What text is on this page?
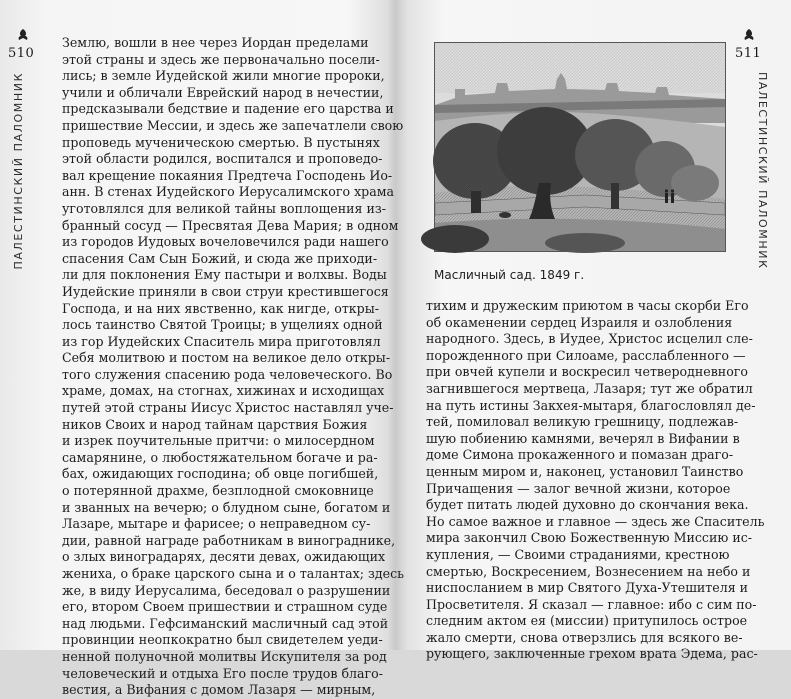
510
ПАЛЕСТИНСКИЙ ПАЛОМНИК
Землю, вошли в нее через Иордан пределами
этой страны и здесь же первоначально посели-
лись; в земле Иудейской жили многие пророки,
учили и обличали Еврейский народ в нечестии,
предсказывали бедствие и падение его царства и
пришествие Мессии, и здесь же запечатлели свою
проповедь мученическою смертью. В пустынях
этой области родился, воспитался и проповедо-
вал крещение покаяния Предтеча Господень Ио-
анн. В стенах Иудейского Иерусалимского храма
уготовлялся для великой тайны воплощения из-
бранный сосуд — Пресвятая Дева Мария; в одном
из городов Иудовых вочеловечился ради нашего
спасения Сам Сын Божий, и сюда же приходи-
ли для поклонения Ему пастыри и волхвы. Воды
Иудейские приняли в свои струи крестившегося
Господа, и на них явственно, как нигде, откры-
лось таинство Святой Троицы; в ущелиях одной
из гор Иудейских Спаситель мира приготовлял
Себя молитвою и постом на великое дело откры-
того служения спасению рода человеческого. Во
храме, домах, на стогнах, хижинах и исходищах
путей этой страны Иисус Христос наставлял уче-
ников Своих и народ тайнам царствия Божия
и изрек поучительные притчи: о милосердном
самарянине, о любостяжательном богаче и ра-
бах, ожидающих господина; об овце погибшей,
о потерянной драхме, безплодной смоковнице
и званных на вечерю; о блудном сыне, богатом и
Лазаре, мытаре и фарисее; о неправедном су-
дии, равной награде работникам в винограднике,
о злых виноградарях, десяти девах, ожидающих
жениха, о браке царского сына и о талантах; здесь
же, в виду Иерусалима, беседовал о разрушении
его, втором Своем пришествии и страшном суде
над людьми. Гефсиманский масличный сад этой
провинции неопкократно был свидетелем уеди-
ненной полуночной молитвы Искупителя за род
человеческий и отдыха Его после трудов благо-
вестия, а Вифания с домом Лазаря — мирным,
511
ПАЛЕСТИНСКИЙ ПАЛОМНИК
Масличный сад. 1849 г.
тихим и дружеским приютом в часы скорби Его
об окаменении сердец Израиля и озлобления
народного. Здесь, в Иудее, Христос исцелил сле-
порожденного при Силоаме, расслабленного —
при овчей купели и воскресил четверодневного
загнившегося мертвеца, Лазаря; тут же обратил
на путь истины Закхея-мытаря, благословлял де-
тей, помиловал великую грешницу, подлежав-
шую побиению камнями, вечерял в Вифании в
доме Симона прокаженного и помазан драго-
ценным миром и, наконец, установил Таинство
Причащения — залог вечной жизни, которое
будет питать людей духовно до скончания века.
Но самое важное и главное — здесь же Спаситель
мира закончил Свою Божественную Миссию ис-
купления, — Своими страданиями, крестною
смертью, Воскресением, Вознесением на небо и
ниспосланием в мир Святого Духа-Утешителя и
Просветителя. Я сказал — главное: ибо с сим по-
следним актом ея (миссии) притупилось острое
жало смерти, снова отверзлись для всякого ве-
рующего, заключенные грехом врата Эдема, рас-
